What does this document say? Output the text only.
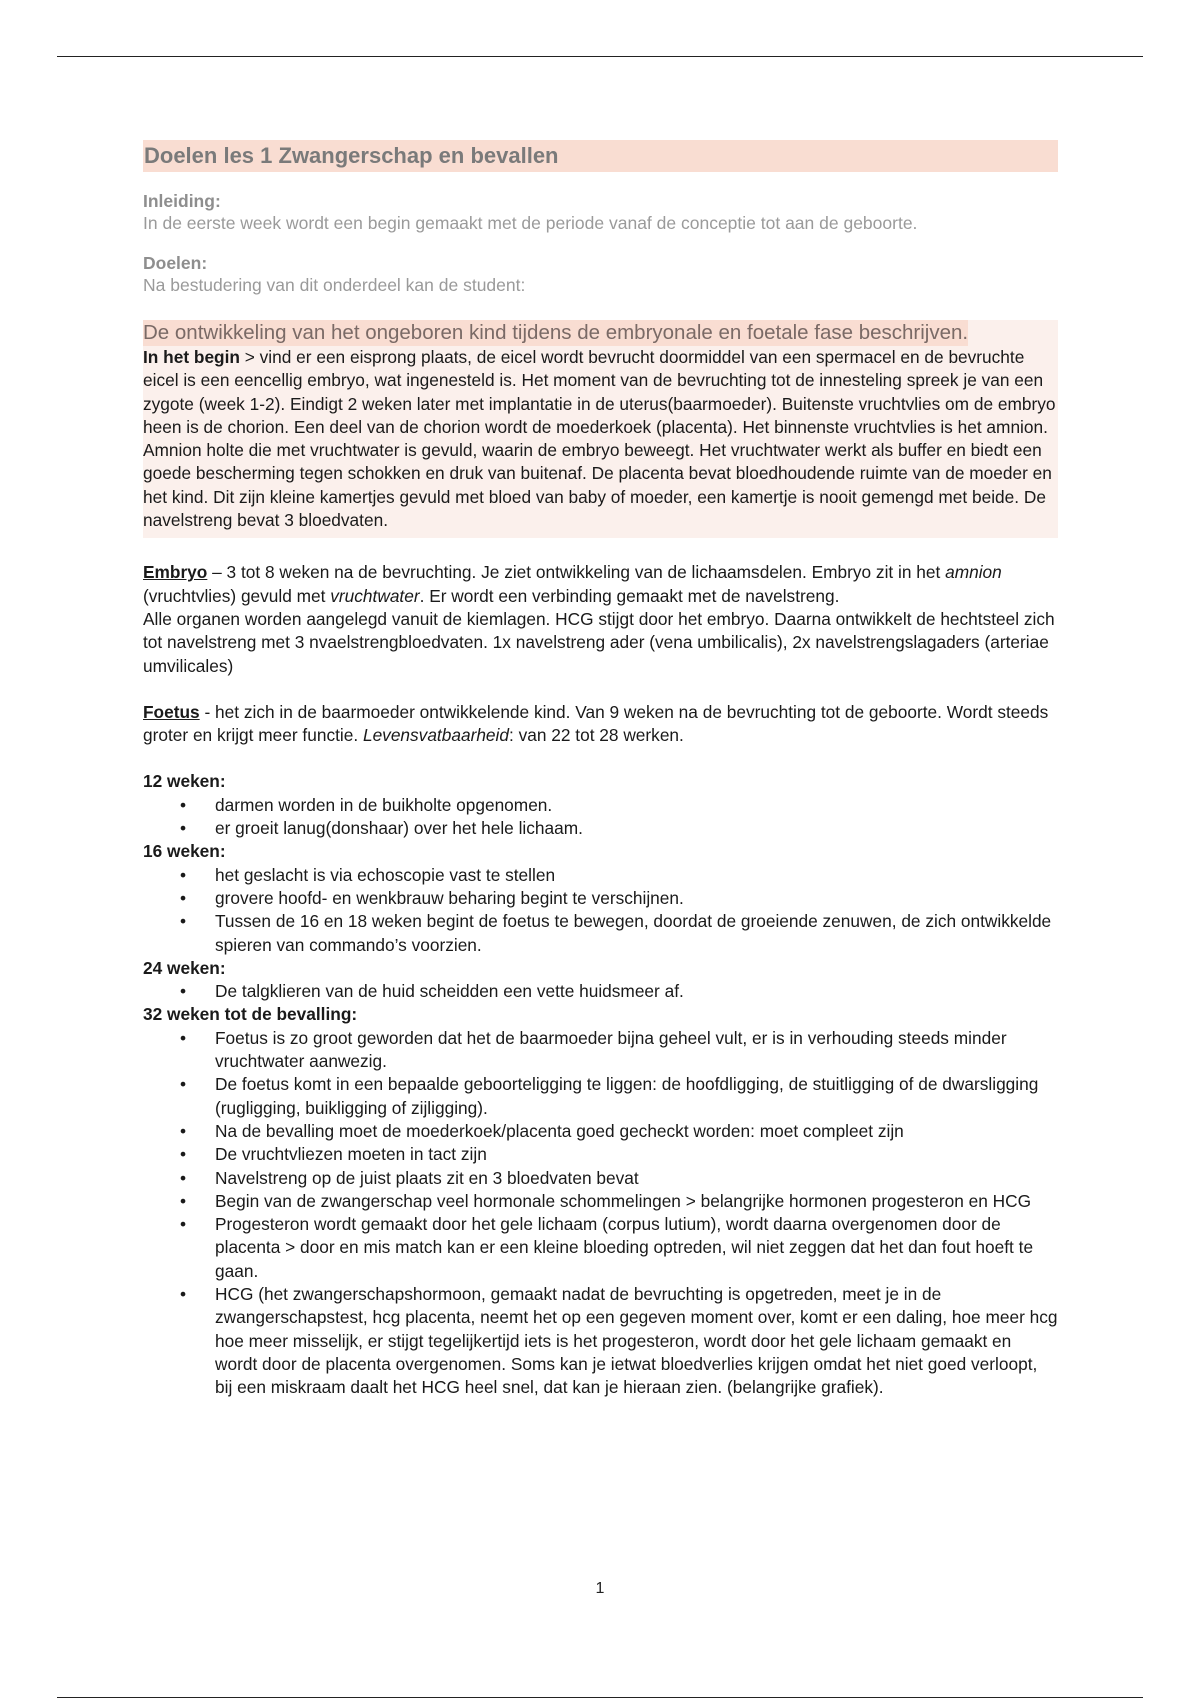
Doelen les 1 Zwangerschap en bevallen
Inleiding:
In de eerste week wordt een begin gemaakt met de periode vanaf de conceptie tot aan de geboorte.
Doelen:
Na bestudering van dit onderdeel kan de student:
De ontwikkeling van het ongeboren kind tijdens de embryonale en foetale fase beschrijven.

In het begin > vind er een eisprong plaats, de eicel wordt bevrucht doormiddel van een spermacel en de bevruchte eicel is een eencellig embryo, wat ingenesteld is. Het moment van de bevruchting tot de innesteling spreek je van een zygote (week 1-2). Eindigt 2 weken later met implantatie in de uterus(baarmoeder). Buitenste vruchtvlies om de embryo heen is de chorion. Een deel van de chorion wordt de moederkoek (placenta). Het binnenste vruchtvlies is het amnion. Amnion holte die met vruchtwater is gevuld, waarin de embryo beweegt. Het vruchtwater werkt als buffer en biedt een goede bescherming tegen schokken en druk van buitenaf. De placenta bevat bloedhoudende ruimte van de moeder en het kind. Dit zijn kleine kamertjes gevuld met bloed van baby of moeder, een kamertje is nooit gemengd met beide. De navelstreng bevat 3 bloedvaten.

Embryo – 3 tot 8 weken na de bevruchting. Je ziet ontwikkeling van de lichaamsdelen. Embryo zit in het amnion (vruchtvlies) gevuld met vruchtwater. Er wordt een verbinding gemaakt met de navelstreng.

Alle organen worden aangelegd vanuit de kiemlagen. HCG stijgt door het embryo. Daarna ontwikkelt de hechtsteel zich tot navelstreng met 3 nvaelstrengbloedvaten. 1x navelstreng ader (vena umbilicalis), 2x navelstrengslagaders (arteriae umvilicales)

Foetus - het zich in de baarmoeder ontwikkelende kind. Van 9 weken na de bevruchting tot de geboorte. Wordt steeds groter en krijgt meer functie. Levensvatbaarheid: van 22 tot 28 werken.

12 weken:
• darmen worden in de buikholte opgenomen.
• er groeit lanug(donshaar) over het hele lichaam.
16 weken:
• het geslacht is via echoscopie vast te stellen
• grovere hoofd- en wenkbrauw beharing begint te verschijnen.
• Tussen de 16 en 18 weken begint de foetus te bewegen, doordat de groeiende zenuwen, de zich ontwikkelde spieren van commando’s voorzien.
24 weken:
• De talgklieren van de huid scheidden een vette huidsmeer af.
32 weken tot de bevalling:
• Foetus is zo groot geworden dat het de baarmoeder bijna geheel vult, er is in verhouding steeds minder vruchtwater aanwezig.
• De foetus komt in een bepaalde geboorteligging te liggen: de hoofdligging, de stuitligging of de dwarsligging (rugligging, buikligging of zijligging).
• Na de bevalling moet de moederkoek/placenta goed gecheckt worden: moet compleet zijn
• De vruchtvliezen moeten in tact zijn
• Navelstreng op de juist plaats zit en 3 bloedvaten bevat
• Begin van de zwangerschap veel hormonale schommelingen > belangrijke hormonen progesteron en HCG
• Progesteron wordt gemaakt door het gele lichaam (corpus lutium), wordt daarna overgenomen door de placenta > door en mis match kan er een kleine bloeding optreden, wil niet zeggen dat het dan fout hoeft te gaan.
• HCG (het zwangerschapshormoon, gemaakt nadat de bevruchting is opgetreden, meet je in de zwangerschapstest, hcg placenta, neemt het op een gegeven moment over, komt er een daling, hoe meer hcg hoe meer misselijk, er stijgt tegelijkertijd iets is het progesteron, wordt door het gele lichaam gemaakt en wordt door de placenta overgenomen. Soms kan je ietwat bloedverlies krijgen omdat het niet goed verloopt, bij een miskraam daalt het HCG heel snel, dat kan je hieraan zien. (belangrijke grafiek).
1
